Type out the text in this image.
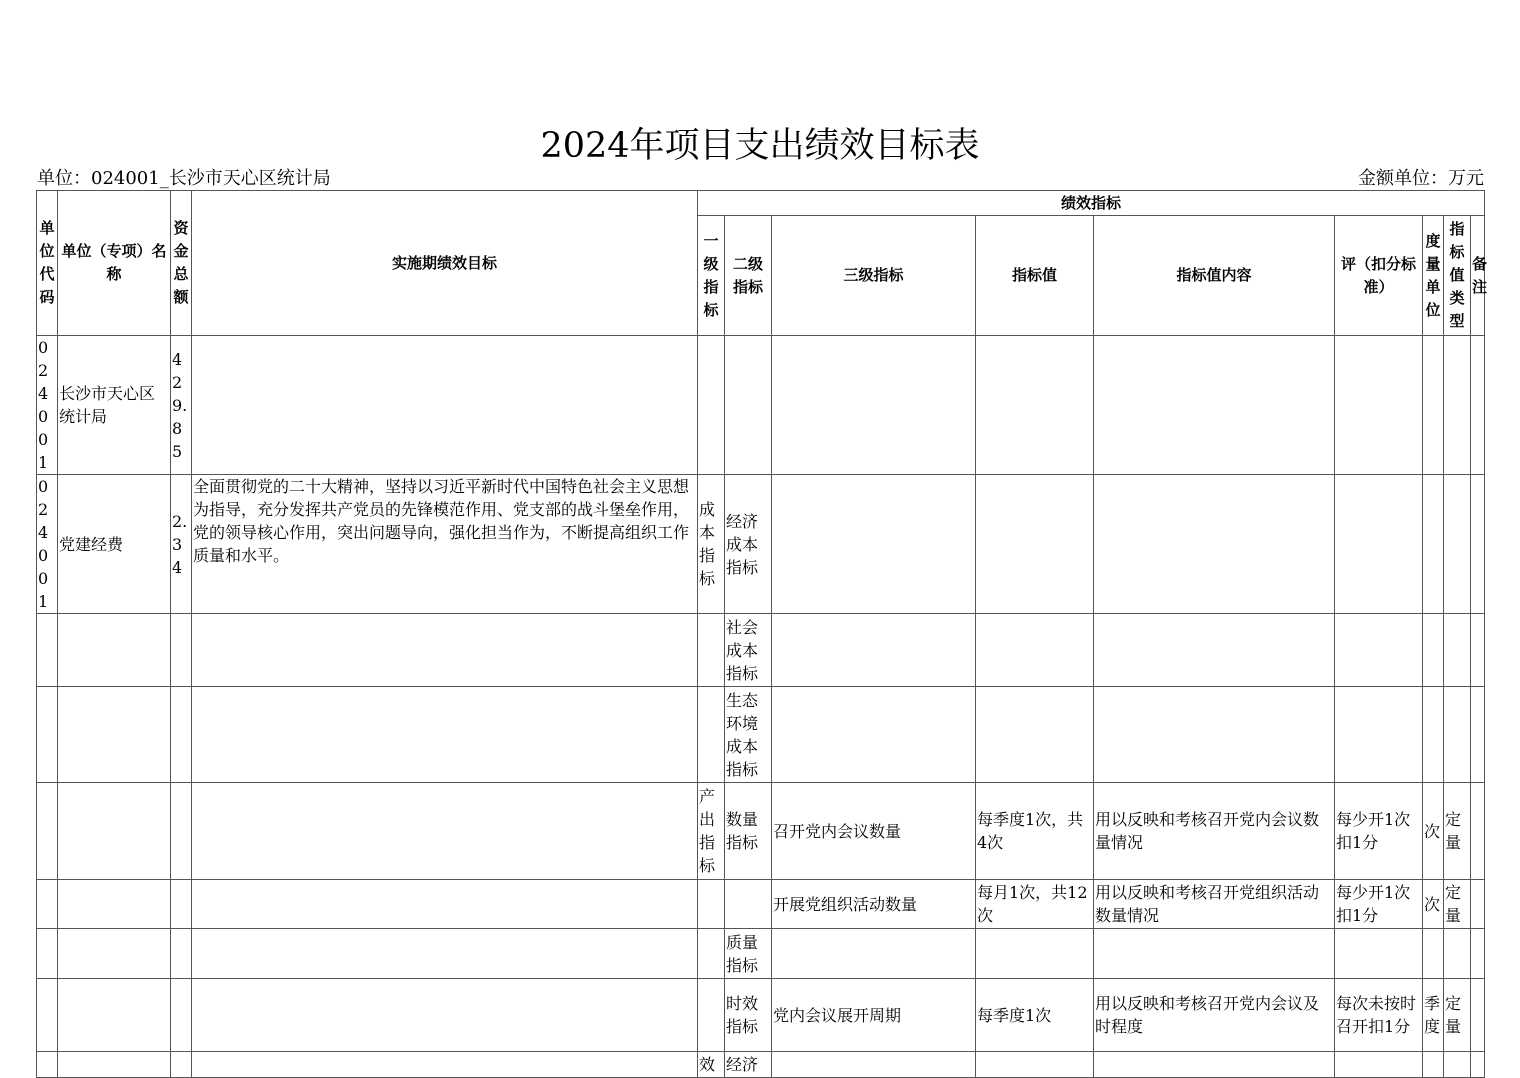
2024年项目支出绩效目标表
单位：024001_长沙市天心区统计局	金额单位：万元
单位代码	单位（专项）名称	资金总额	实施期绩效目标	绩效指标								
				一级指标	二级指标	三级指标	指标值	指标值内容	评（扣分标准）	度量单位	指标值类型	备注
024001	长沙市天心区统计局	429.85										
024001	党建经费	2.34	全面贯彻党的二十大精神，坚持以习近平新时代中国特色社会主义思想为指导，充分发挥共产党员的先锋模范作用、党支部的战斗堡垒作用，党的领导核心作用，突出问题导向，强化担当作为，不断提高组织工作质量和水平。	成本指标	经济成本指标							
					社会成本指标							
					生态环境成本指标							
				产出指标	数量指标	召开党内会议数量	每季度1次，共4次	用以反映和考核召开党内会议数量情况	每少开1次扣1分	次	定量	
						开展党组织活动数量	每月1次，共12次	用以反映和考核召开党组织活动数量情况	每少开1次扣1分	次	定量	
					质量指标							
					时效指标	党内会议展开周期	每季度1次	用以反映和考核召开党内会议及时程度	每次未按时召开扣1分	季度	定量	
				效	经济							
